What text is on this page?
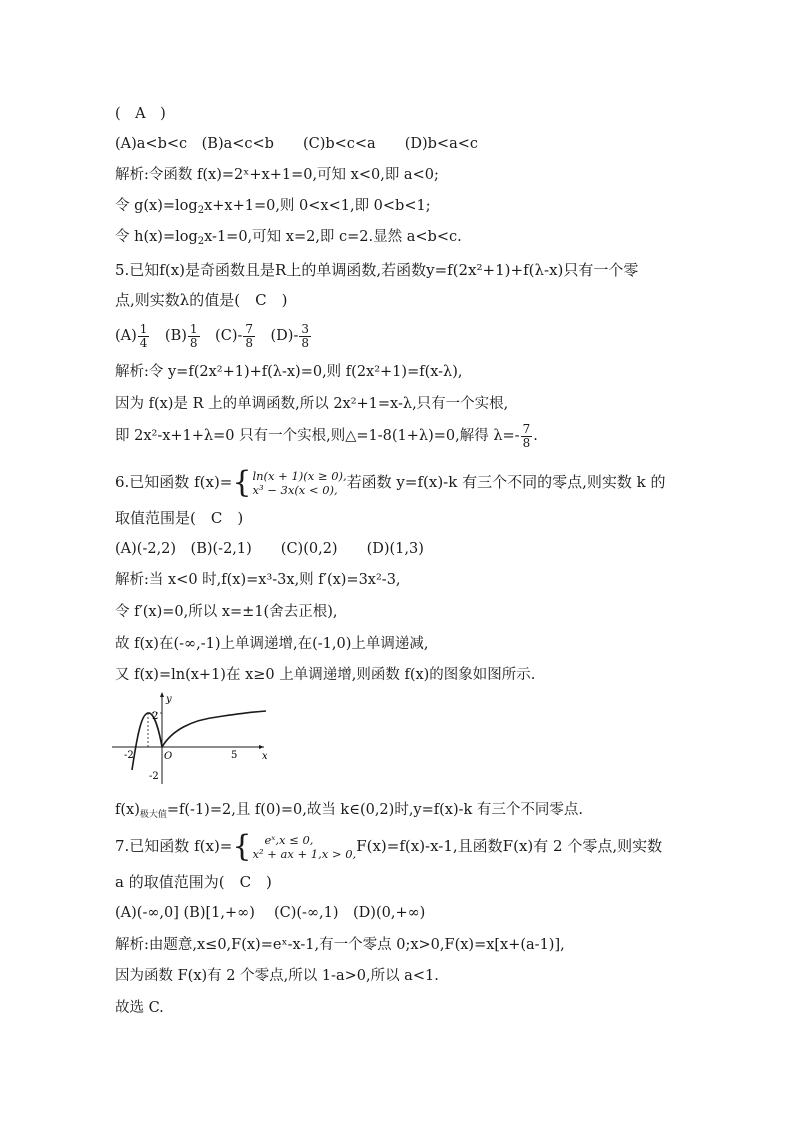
(　A　)
(A)a<b<c　(B)a<c<b　　(C)b<c<a　　(D)b<a<c
解析:令函数 f(x)=2ˣ+x+1=0,可知 x<0,即 a<0;
令 $g(x)=\log_2x+x+1=0$,则 0<x<1,即 0<b<1;
令 $h(x)=\log_2x-1=0$,可知 x=2,即 c=2.显然 a<b<c.
5.已知f(x)是奇函数且是R上的单调函数,若函数y=f(2x²+1)+f(λ-x)只有一个零
点,则实数λ的值是(　C　)
$(A) \frac{1}{4}$ 　$(B) \frac{1}{8}$ 　$(C)- \frac{7}{8}$ 　$(D)- \frac{3}{8}$
解析:令 y=f(2x²+1)+f(λ-x)=0,则 f(2x²+1)=f(x-λ),
因为 f(x)是 R 上的单调函数,所以 2x²+1=x-λ,只有一个实根,
即 2x²-x+1+λ=0 只有一个实根,则△=1-8(1+λ)=0,解得 $\lambda=- \frac{7}{8}$ .
6.已知函数 f(x)= { ln(x + 1)(x ≥ 0),
x³ − 3x(x < 0), 若函数 y=f(x)-k 有三个不同的零点,则实数 k 的
取值范围是(　C　)
(A)(-2,2)　(B)(-2,1)　　(C)(0,2)　　(D)(1,3)
解析:当 x<0 时,f(x)=x³-3x,则 f′(x)=3x²-3,
令 f′(x)=0,所以 x=±1(舍去正根),
故 f(x)在(-∞,-1)上单调递增,在(-1,0)上单调递减,
又 f(x)=ln(x+1)在 x≥0 上单调递增,则函数 f(x)的图象如图所示.
y
x
O
2
-2	5
-2
$f(x)_{极大值}=f(-1)=2$,且 f(0)=0,故当 k∈(0,2)时,y=f(x)-k 有三个不同零点.
7.已知函数 f(x)= {	eˣ,x ≤ 0,
x² + ax + 1,x > 0, F(x)=f(x)-x-1,且函数F(x)有 2 个零点,则实数
a 的取值范围为(　C　)
(A)(-∞,0] (B)[1,+∞)　 (C)(-∞,1)　(D)(0,+∞)
解析:由题意,x≤0,F(x)=eˣ-x-1,有一个零点 0;x>0,F(x)=x[x+(a-1)],
因为函数 F(x)有 2 个零点,所以 1-a>0,所以 a<1.
故选 C.
